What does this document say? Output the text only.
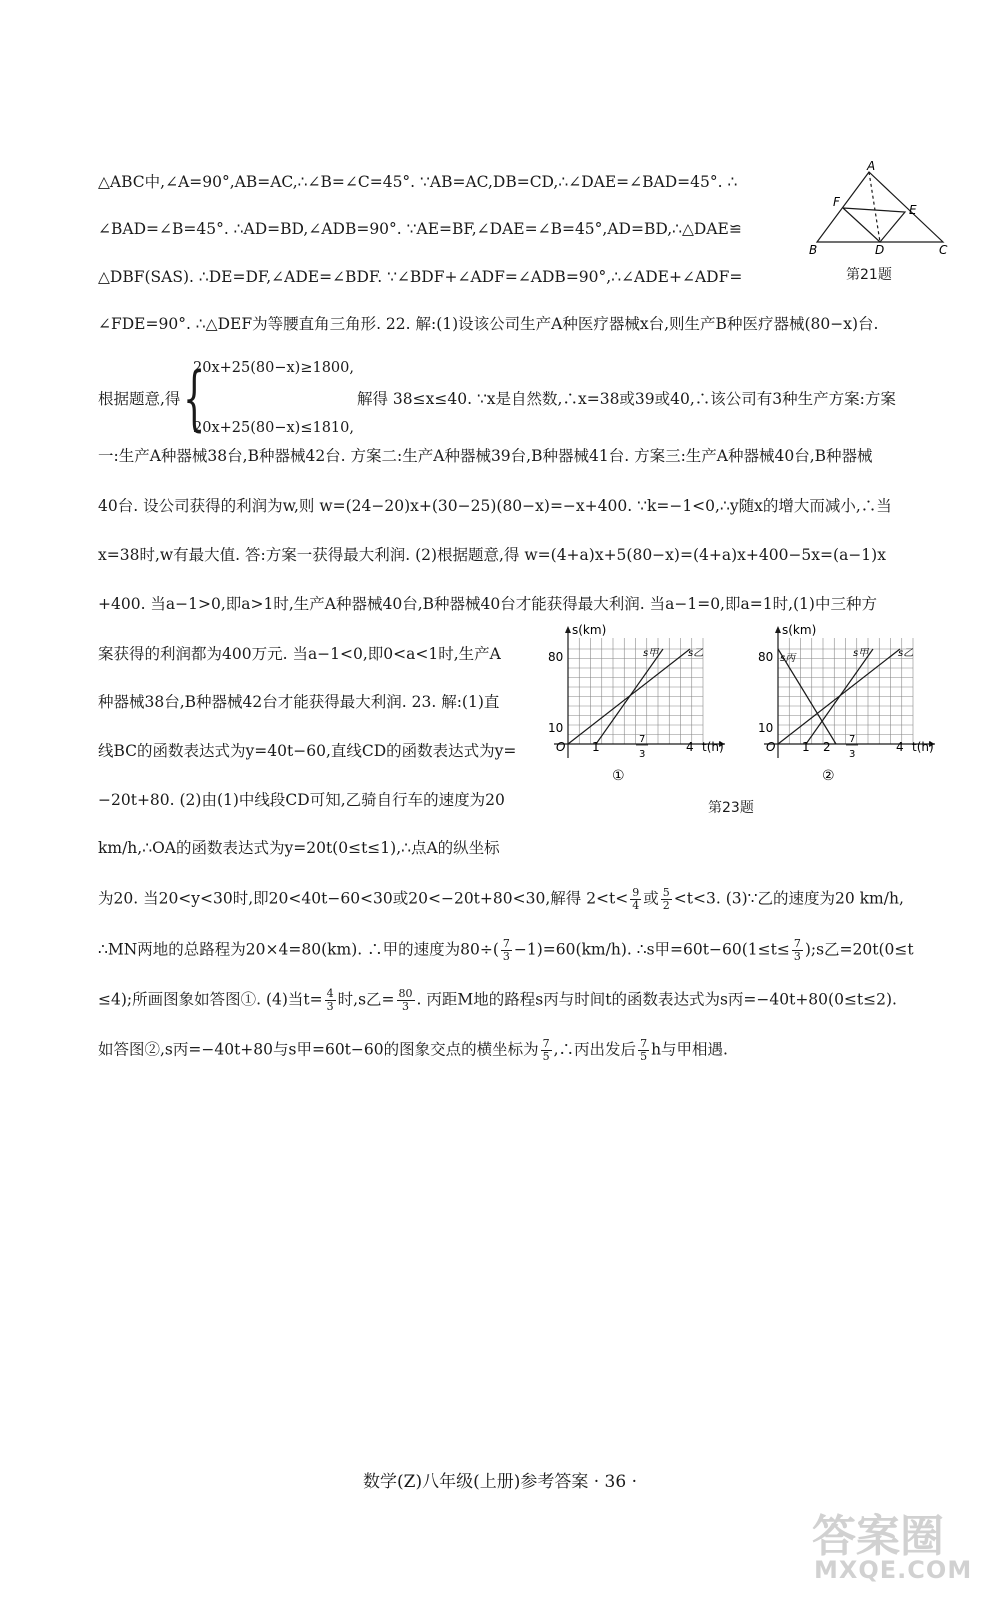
△ABC中,∠A=90°,AB=AC,∴∠B=∠C=45°. ∵AB=AC,DB=CD,∴∠DAE=∠BAD=45°. ∴
∠BAD=∠B=45°. ∴AD=BD,∠ADB=90°. ∵AE=BF,∠DAE=∠B=45°,AD=BD,∴△DAE≌
△DBF(SAS). ∴DE=DF,∠ADE=∠BDF. ∵∠BDF+∠ADF=∠ADB=90°,∴∠ADE+∠ADF=
∠FDE=90°. ∴△DEF为等腰直角三角形. 22. 解:(1)设该公司生产A种医疗器械x台,则生产B种医疗器械(80−x)台.
根据题意,得 {
20x+25(80−x)≥1800,
20x+25(80−x)≤1810,
解得 38≤x≤40. ∵x是自然数,∴x=38或39或40,∴该公司有3种生产方案:方案
一:生产A种器械38台,B种器械42台. 方案二:生产A种器械39台,B种器械41台. 方案三:生产A种器械40台,B种器械
40台. 设公司获得的利润为w,则 w=(24−20)x+(30−25)(80−x)=−x+400. ∵k=−1<0,∴y随x的增大而减小,∴当
x=38时,w有最大值. 答:方案一获得最大利润. (2)根据题意,得 w=(4+a)x+5(80−x)=(4+a)x+400−5x=(a−1)x
+400. 当a−1>0,即a>1时,生产A种器械40台,B种器械40台才能获得最大利润. 当a−1=0,即a=1时,(1)中三种方
案获得的利润都为400万元. 当a−1<0,即0<a<1时,生产A
种器械38台,B种器械42台才能获得最大利润. 23. 解:(1)直
线BC的函数表达式为y=40t−60,直线CD的函数表达式为y=
−20t+80. (2)由(1)中线段CD可知,乙骑自行车的速度为20
km/h,∴OA的函数表达式为y=20t(0≤t≤1),∴点A的纵坐标
为20. 当20<y<30时,即20<40t−60<30或20<−20t+80<30,解得 $2<t< \frac{9}{4}$ 或 $\frac{5}{2} <t<3$. (3)∵乙的速度为20 km/h,
∴MN两地的总路程为20×4=80(km). ∴甲的速度为$80\div( \frac{7}{3} -1)=60(km/h)$. ∴s甲$=60t-60(1\le t\le \frac{7}{3}$ );s乙=20t(0≤t
≤4);所画图象如答图①. (4)当$t= \frac{4}{3}$ 时,s乙= $\frac{80}{3}$ . 丙距M地的路程s丙与时间t的函数表达式为s丙=−40t+80(0≤t≤2).
如答图②,s丙=−40t+80与s甲=60t−60的图象交点的横坐标为 $\frac{7}{5}$ ,∴丙出发后 $\frac{7}{5}$ h与甲相遇.
A
B	C
D
E
F
第21题
s(km)
t(h)
80
10
1	4
O
7
3
s甲	s乙
①
s(km)
t(h)
80
10
1 2	4
O
7
3
s丙	s甲	s乙
②
第23题
数学(Z)八年级(上册)参考答案 · 36 ·
答案圈
MXQE.COM
